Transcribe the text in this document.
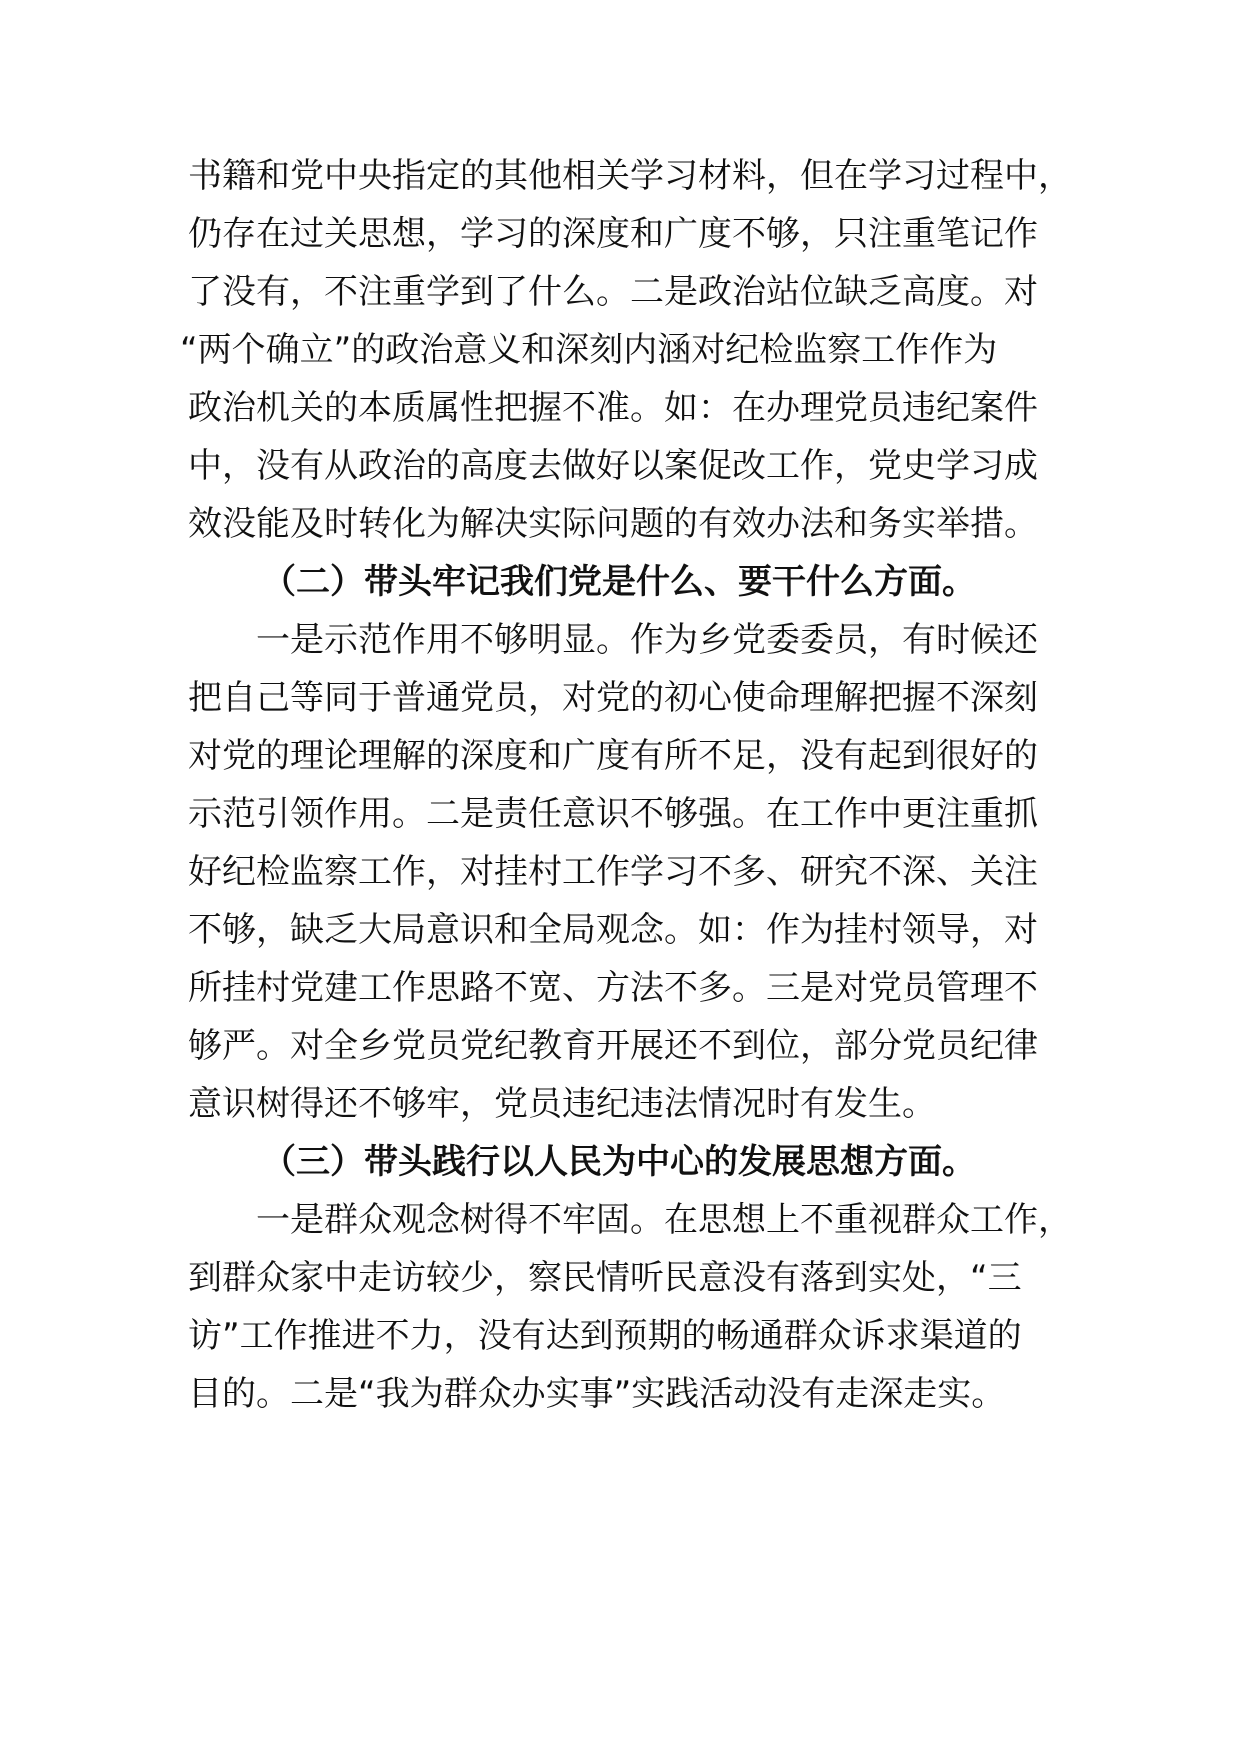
书籍和党中央指定的其他相关学习材料，但在学习过程中，
仍存在过关思想，学习的深度和广度不够，只注重笔记作
了没有，不注重学到了什么。二是政治站位缺乏高度。对
“两个确立”的政治意义和深刻内涵对纪检监察工作作为
政治机关的本质属性把握不准。如：在办理党员违纪案件
中，没有从政治的高度去做好以案促改工作，党史学习成
效没能及时转化为解决实际问题的有效办法和务实举措。
（二）带头牢记我们党是什么、要干什么方面。
一是示范作用不够明显。作为乡党委委员，有时候还
把自己等同于普通党员，对党的初心使命理解把握不深刻
对党的理论理解的深度和广度有所不足，没有起到很好的
示范引领作用。二是责任意识不够强。在工作中更注重抓
好纪检监察工作，对挂村工作学习不多、研究不深、关注
不够，缺乏大局意识和全局观念。如：作为挂村领导，对
所挂村党建工作思路不宽、方法不多。三是对党员管理不
够严。对全乡党员党纪教育开展还不到位，部分党员纪律
意识树得还不够牢，党员违纪违法情况时有发生。
（三）带头践行以人民为中心的发展思想方面。
一是群众观念树得不牢固。在思想上不重视群众工作，
到群众家中走访较少，察民情听民意没有落到实处，“三
访”工作推进不力，没有达到预期的畅通群众诉求渠道的
目的。二是“我为群众办实事”实践活动没有走深走实。
